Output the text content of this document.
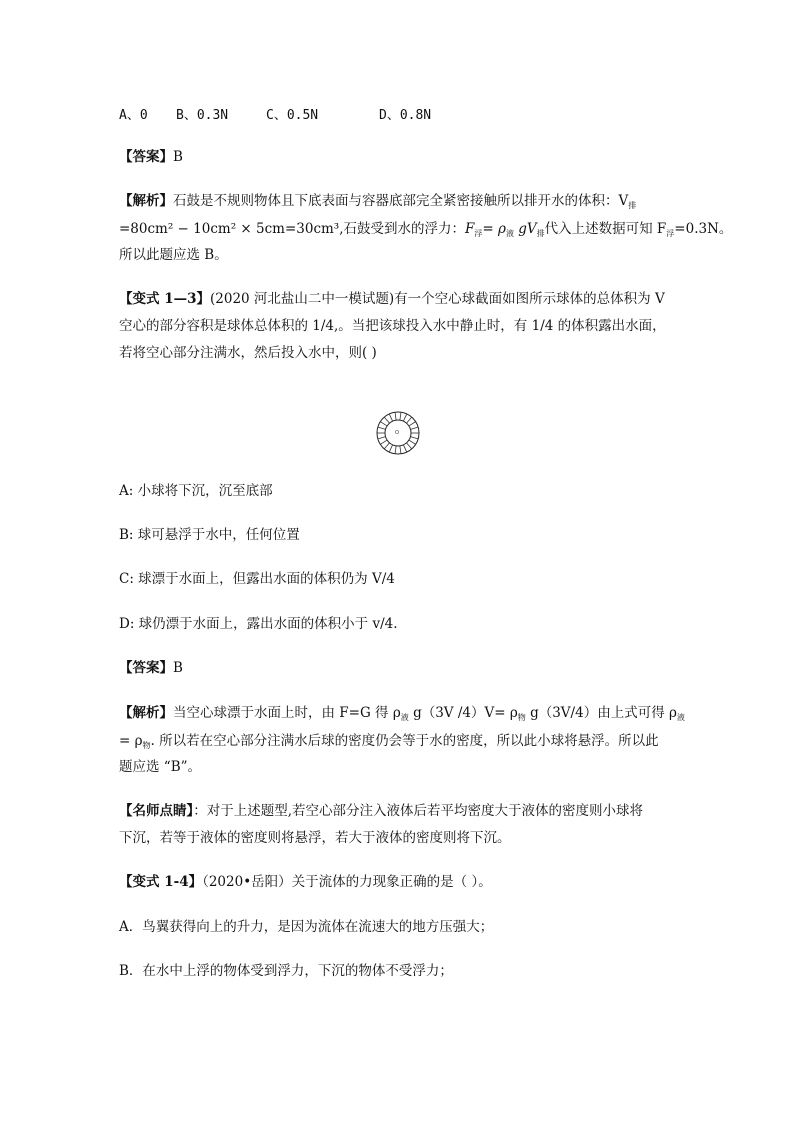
A、0 B、0.3N	C、0.5N	D、0.8N
【答案】B
【解析】石鼓是不规则物体且下底表面与容器底部完全紧密接触所以排开水的体积：$V_排$
=80cm² − 10cm² × 5cm=30cm³,石鼓受到水的浮力：$F_浮= \rho_液$ $gV_排$代入上述数据可知 $F_浮=0.3N$。
所以此题应选 B。
【变式 1—3】(2020 河北盐山二中一模试题)有一个空心球截面如图所示球体的总体积为 V
空心的部分容积是球体总体积的 1/4,。当把该球投入水中静止时，有 1/4 的体积露出水面，
若将空心部分注满水，然后投入水中，则( )
O
A: 小球将下沉，沉至底部
B: 球可悬浮于水中，任何位置
C: 球漂于水面上，但露出水面的体积仍为 V/4
D: 球仍漂于水面上，露出水面的体积小于 v/4.
【答案】B
【解析】当空心球漂于水面上时，由 F=G 得 $\rho_液$ g（3V $/4)V= \rho_物$ g（3V/4）由上式可得 $\rho_液$
= $\rho_物$. 所以若在空心部分注满水后球的密度仍会等于水的密度，所以此小球将悬浮。所以此
题应选 “B”。
【名师点睛】：对于上述题型,若空心部分注入液体后若平均密度大于液体的密度则小球将
下沉，若等于液体的密度则将悬浮，若大于液体的密度则将下沉。
【变式 1-4】（2020•岳阳）关于流体的力现象正确的是（ ）。
A．鸟翼获得向上的升力，是因为流体在流速大的地方压强大；
B．在水中上浮的物体受到浮力，下沉的物体不受浮力；
